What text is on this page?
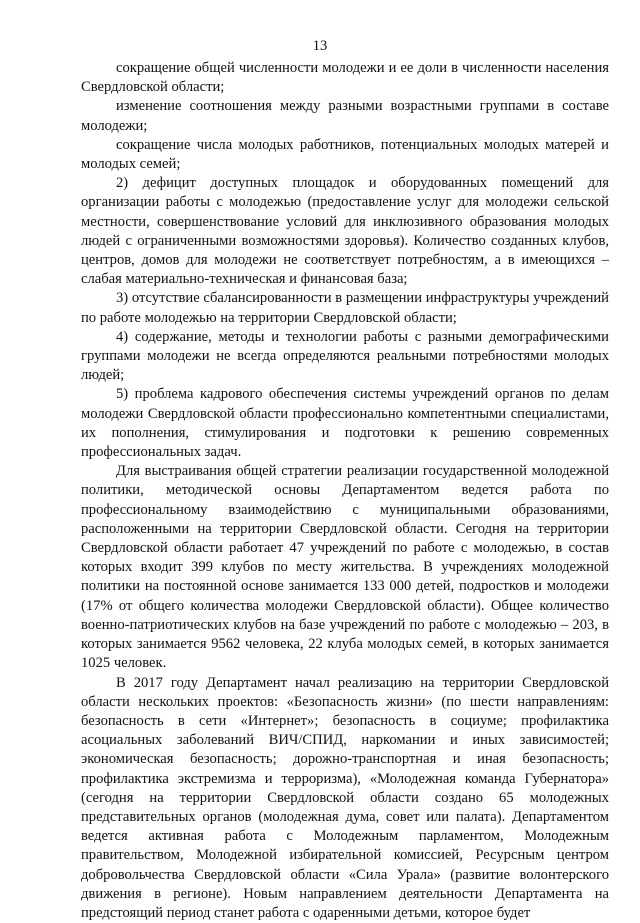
13

сокращение общей численности молодежи и ее доли в численности населения Свердловской области;

изменение соотношения между разными возрастными группами в составе молодежи;

сокращение числа молодых работников, потенциальных молодых матерей и молодых семей;

2) дефицит доступных площадок и оборудованных помещений для организации работы с молодежью (предоставление услуг для молодежи сельской местности, совершенствование условий для инклюзивного образования молодых людей с ограниченными возможностями здоровья). Количество созданных клубов, центров, домов для молодежи не соответствует потребностям, а в имеющихся – слабая материально-техническая и финансовая база;

3) отсутствие сбалансированности в размещении инфраструктуры учреждений по работе молодежью на территории Свердловской области;

4) содержание, методы и технологии работы с разными демографическими группами молодежи не всегда определяются реальными потребностями молодых людей;

5) проблема кадрового обеспечения системы учреждений органов по делам молодежи Свердловской области профессионально компетентными специалистами, их пополнения, стимулирования и подготовки к решению современных профессиональных задач.

Для выстраивания общей стратегии реализации государственной молодежной политики, методической основы Департаментом ведется работа по профессиональному взаимодействию с муниципальными образованиями, расположенными на территории Свердловской области. Сегодня на территории Свердловской области работает 47 учреждений по работе с молодежью, в состав которых входит 399 клубов по месту жительства. В учреждениях молодежной политики на постоянной основе занимается 133 000 детей, подростков и молодежи (17% от общего количества молодежи Свердловской области). Общее количество военно-патриотических клубов на базе учреждений по работе с молодежью – 203, в которых занимается 9562 человека, 22 клуба молодых семей, в которых занимается 1025 человек.

В 2017 году Департамент начал реализацию на территории Свердловской области нескольких проектов: «Безопасность жизни» (по шести направлениям: безопасность в сети «Интернет»; безопасность в социуме; профилактика асоциальных заболеваний ВИЧ/СПИД, наркомании и иных зависимостей; экономическая безопасность; дорожно-транспортная и иная безопасность; профилактика экстремизма и терроризма), «Молодежная команда Губернатора» (сегодня на территории Свердловской области создано 65 молодежных представительных органов (молодежная дума, совет или палата). Департаментом ведется активная работа с Молодежным парламентом, Молодежным правительством, Молодежной избирательной комиссией, Ресурсным центром добровольчества Свердловской области «Сила Урала» (развитие волонтерского движения в регионе). Новым направлением деятельности Департамента на предстоящий период станет работа с одаренными детьми, которое будет
